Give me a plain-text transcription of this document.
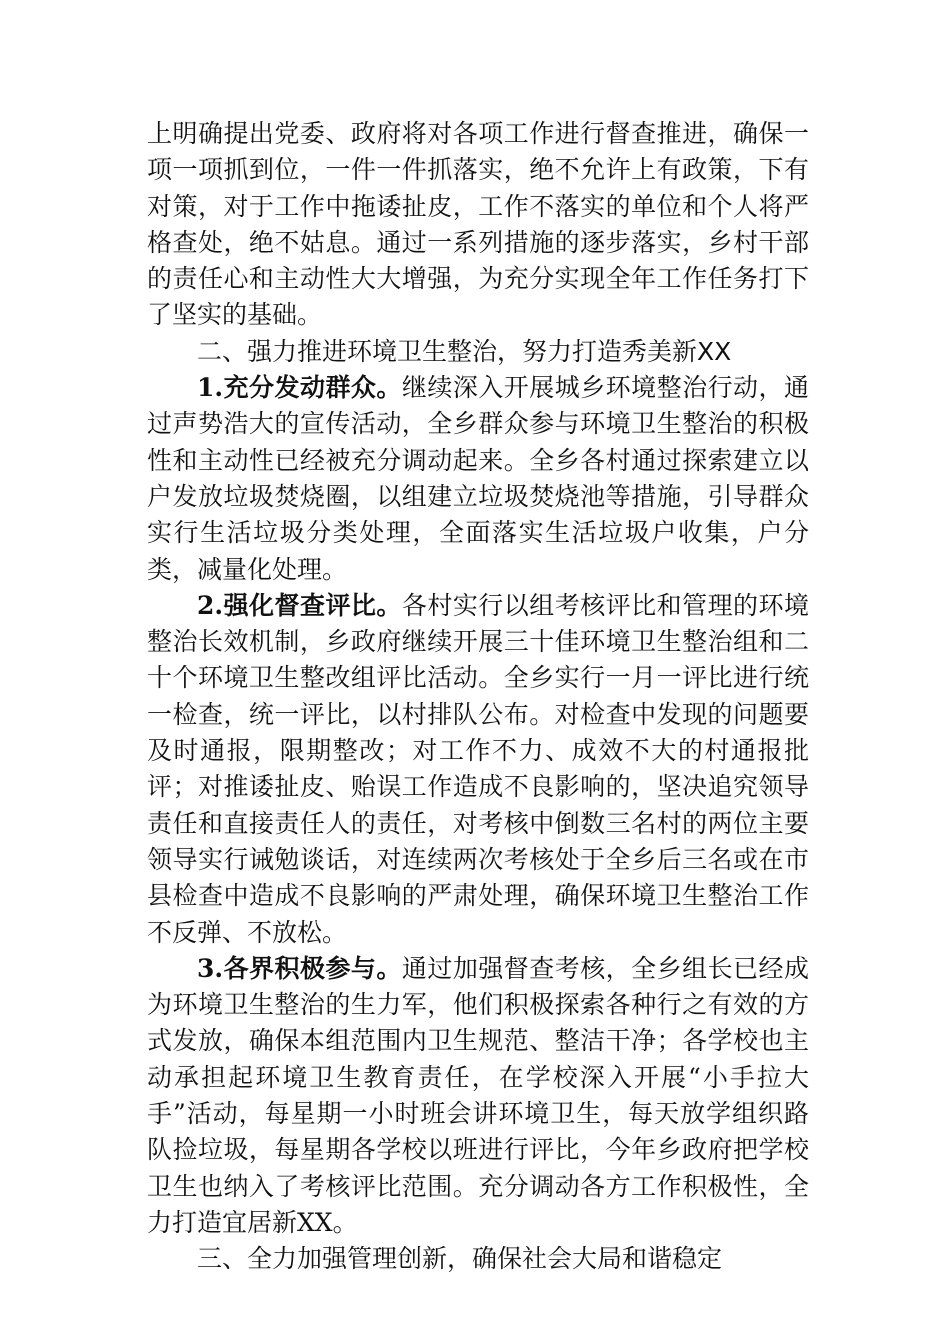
上明确提出党委、政府将对各项工作进行督查推进，确保一项一项抓到位，一件一件抓落实，绝不允许上有政策，下有对策，对于工作中拖诿扯皮，工作不落实的单位和个人将严格查处，绝不姑息。通过一系列措施的逐步落实，乡村干部的责任心和主动性大大增强，为充分实现全年工作任务打下了坚实的基础。

二、强力推进环境卫生整治，努力打造秀美新XX

1.充分发动群众。继续深入开展城乡环境整治行动，通过声势浩大的宣传活动，全乡群众参与环境卫生整治的积极性和主动性已经被充分调动起来。全乡各村通过探索建立以户发放垃圾焚烧圈，以组建立垃圾焚烧池等措施，引导群众实行生活垃圾分类处理，全面落实生活垃圾户收集，户分类，减量化处理。

2.强化督查评比。各村实行以组考核评比和管理的环境整治长效机制，乡政府继续开展三十佳环境卫生整治组和二十个环境卫生整改组评比活动。全乡实行一月一评比进行统一检查，统一评比，以村排队公布。对检查中发现的问题要及时通报，限期整改；对工作不力、成效不大的村通报批评；对推诿扯皮、贻误工作造成不良影响的，坚决追究领导责任和直接责任人的责任，对考核中倒数三名村的两位主要领导实行诫勉谈话，对连续两次考核处于全乡后三名或在市县检查中造成不良影响的严肃处理，确保环境卫生整治工作不反弹、不放松。

3.各界积极参与。通过加强督查考核，全乡组长已经成为环境卫生整治的生力军，他们积极探索各种行之有效的方式发放，确保本组范围内卫生规范、整洁干净；各学校也主动承担起环境卫生教育责任，在学校深入开展“小手拉大手”活动，每星期一小时班会讲环境卫生，每天放学组织路队捡垃圾，每星期各学校以班进行评比，今年乡政府把学校卫生也纳入了考核评比范围。充分调动各方工作积极性，全力打造宜居新XX。

三、全力加强管理创新，确保社会大局和谐稳定
